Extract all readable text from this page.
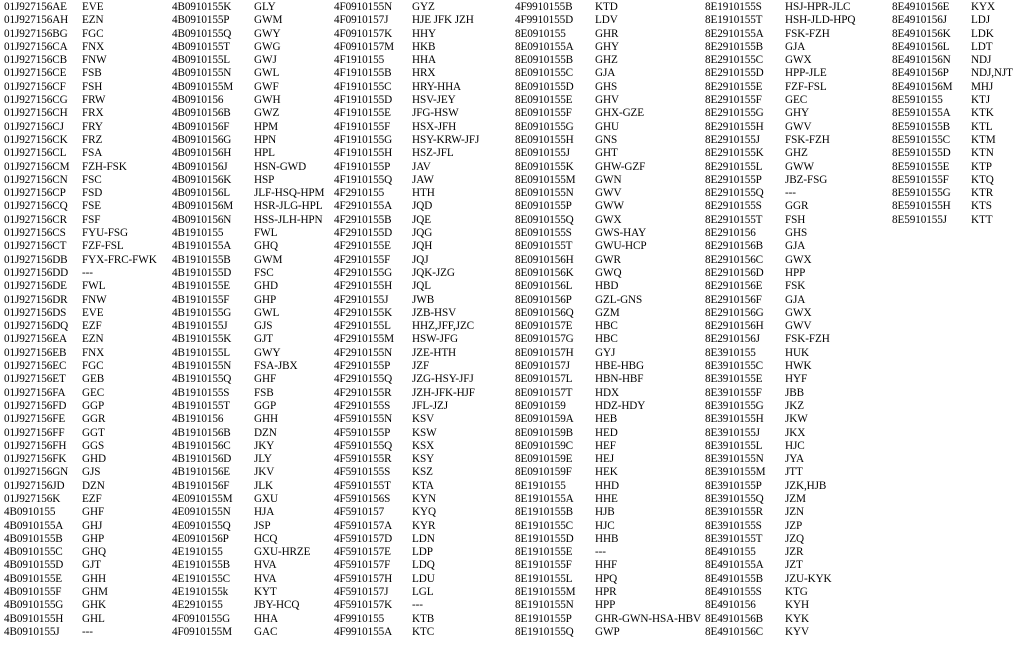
01J927156AE EVE
01J927156AH EZN
01J927156BG FGC
01J927156CA FNX
01J927156CB FNW
01J927156CE FSB
01J927156CF FSH
01J927156CG FRW
01J927156CH FRX
01J927156CJ FRY
01J927156CK FRZ
01J927156CL FSA
01J927156CM FZH-FSK
01J927156CN FSC
01J927156CP FSD
01J927156CQ FSE
01J927156CR FSF
01J927156CS FYU-FSG
01J927156CT FZF-FSL
01J927156DB FYX-FRC-FWK
01J927156DD ---
01J927156DE FWL
01J927156DR FNW
01J927156DS EVE
01J927156DQ EZF
01J927156EA EZN
01J927156EB FNX
01J927156EC FGC
01J927156ET GEB
01J927156FA GEC
01J927156FD GGP
01J927156FE GGR
01J927156FF GGT
01J927156FH GGS
01J927156FK GHD
01J927156GN GJS
01J927156JD DZN
01J927156K EZF
4B0910155 GHF
4B0910155A GHJ
4B0910155B GHP
4B0910155C GHQ
4B0910155D GJT
4B0910155E GHH
4B0910155F GHM
4B0910155G GHK
4B0910155H GHL
4B0910155J ---
4B0910155K GLY
4B0910155P GWM
4B0910155Q GWY
4B0910155T GWG
4B0910155L GWJ
4B0910155N GWL
4B0910155M GWF
4B0910156	GWH
4B0910156B GWZ
4B0910156F HPM
4B0910156G HPN
4B0910156H HPL
4B0910156J HSN-GWD
4B0910156K HSP
4B0910156L JLF-HSQ-HPM
4B0910156M HSR-JLG-HPL
4B0910156N HSS-JLH-HPN
4B1910155	FWL
4B1910155A GHQ
4B1910155B GWM
4B1910155D FSC
4B1910155E GHD
4B1910155F GHP
4B1910155G GWL
4B1910155J GJS
4B1910155K GJT
4B1910155L GWY
4B1910155N FSA-JBX
4B1910155Q GHF
4B1910155S FSB
4B1910155T GGP
4B1910156	GHH
4B1910156B DZN
4B1910156C JKY
4B1910156D JLY
4B1910156E JKV
4B1910156F JLK
4E0910155M GXU
4E0910155N HJA
4E0910155Q JSP
4E0910156P HCQ
4E1910155	GXU-HRZE
4E1910155B HVA
4E1910155C HVA
4E1910155k KYT
4E2910155	JBY-HCQ
4F0910155G HHA
4F0910155M GAC
4F0910155N GYZ
4F0910157J HJE JFK JZH
4F0910157K HHY
4F0910157M HKB
4F1910155 HHA
4F1910155B HRX
4F1910155C HRY-HHA
4F1910155D HSV-JEY
4F1910155E JFG-HSW
4F1910155F HSX-JFH
4F1910155G HSY-KRW-JFJ
4F1910155H HSZ-JFL
4F1910155P JAV
4F1910155Q JAW
4F2910155 HTH
4F2910155A JQD
4F2910155B JQE
4F2910155D JQG
4F2910155E JQH
4F2910155F JQJ
4F2910155G JQK-JZG
4F2910155H JQL
4F2910155J JWB
4F2910155K JZB-HSV
4F2910155L HHZ,JFF,JZC
4F2910155M HSW-JFG
4F2910155N JZE-HTH
4F2910155P JZF
4F2910155Q JZG-HSY-JFJ
4F2910155R JZH-JFK-HJF
4F2910155S JFL-JZJ
4F5910155N KSV
4F5910155P KSW
4F5910155Q KSX
4F5910155R KSY
4F5910155S KSZ
4F5910155T KTA
4F5910156S KYN
4F5910157 KYQ
4F5910157A KYR
4F5910157D LDN
4F5910157E LDP
4F5910157F LDQ
4F5910157H LDU
4F5910157J LGL
4F5910157K ---
4F9910155 KTB
4F9910155A KTC
4F9910155B KTD
4F9910155D LDV
8E0910155	GHR
8E0910155A GHY
8E0910155B GHZ
8E0910155C GJA
8E0910155D GHS
8E0910155E GHV
8E0910155F GHX-GZE
8E0910155G GHU
8E0910155H GNS
8E0910155J GHT
8E0910155K GHW-GZF
8E0910155M GWN
8E0910155N GWV
8E0910155P GWW
8E0910155Q GWX
8E0910155S GWS-HAY
8E0910155T GWU-HCP
8E0910156H GWR
8E0910156K GWQ
8E0910156L HBD
8E0910156P GZL-GNS
8E0910156Q GZM
8E0910157E HBC
8E0910157G HBC
8E0910157H GYJ
8E0910157J HBE-HBG
8E0910157L HBN-HBF
8E0910157T HDX
8E0910159	HDZ-HDY
8E0910159A HEB
8E0910159B HED
8E0910159C HEF
8E0910159E HEJ
8E0910159F HEK
8E1910155	HHD
8E1910155A HHE
8E1910155B HJB
8E1910155C HJC
8E1910155D HHB
8E1910155E ---
8E1910155F HHF
8E1910155L HPQ
8E1910155M HPR
8E1910155N HPP
8E1910155P GHR-GWN-HSA-HBV
8E1910155Q GWP
8E1910155S HSJ-HPR-JLC
8E1910155T HSH-JLD-HPQ
8E2910155A FSK-FZH
8E2910155B GJA
8E2910155C GWX
8E2910155D HPP-JLE
8E2910155E FZF-FSL
8E2910155F GEC
8E2910155G GHY
8E2910155H GWV
8E2910155J FSK-FZH
8E2910155K GHZ
8E2910155L GWW
8E2910155P JBZ-FSG
8E2910155Q ---
8E2910155S GGR
8E2910155T FSH
8E2910156	GHS
8E2910156B GJA
8E2910156C GWX
8E2910156D HPP
8E2910156E FSK
8E2910156F GJA
8E2910156G GWX
8E2910156H GWV
8E2910156J FSK-FZH
8E3910155	HUK
8E3910155C HWK
8E3910155E HYF
8E3910155F JBB
8E3910155G JKZ
8E3910155H JKW
8E3910155J JKX
8E3910155L HJC
8E3910155N JYA
8E3910155M JTT
8E3910155P JZK,HJB
8E3910155Q JZM
8E3910155R JZN
8E3910155S JZP
8E3910155T JZQ
8E4910155	JZR
8E4910155A JZT
8E4910155B JZU-KYK
8E4910155S KTG
8E4910156	KYH
8E4910156B KYK
8E4910156C KYV
8E4910156E KYX
8E4910156J LDJ
8E4910156K LDK
8E4910156L LDT
8E4910156N NDJ
8E4910156P NDJ,NJT
8E4910156M MHJ
8E5910155	KTJ
8E5910155A KTK
8E5910155B KTL
8E5910155C KTM
8E5910155D KTN
8E5910155E KTP
8E5910155F KTQ
8E5910155G KTR
8E5910155H KTS
8E5910155J KTT
